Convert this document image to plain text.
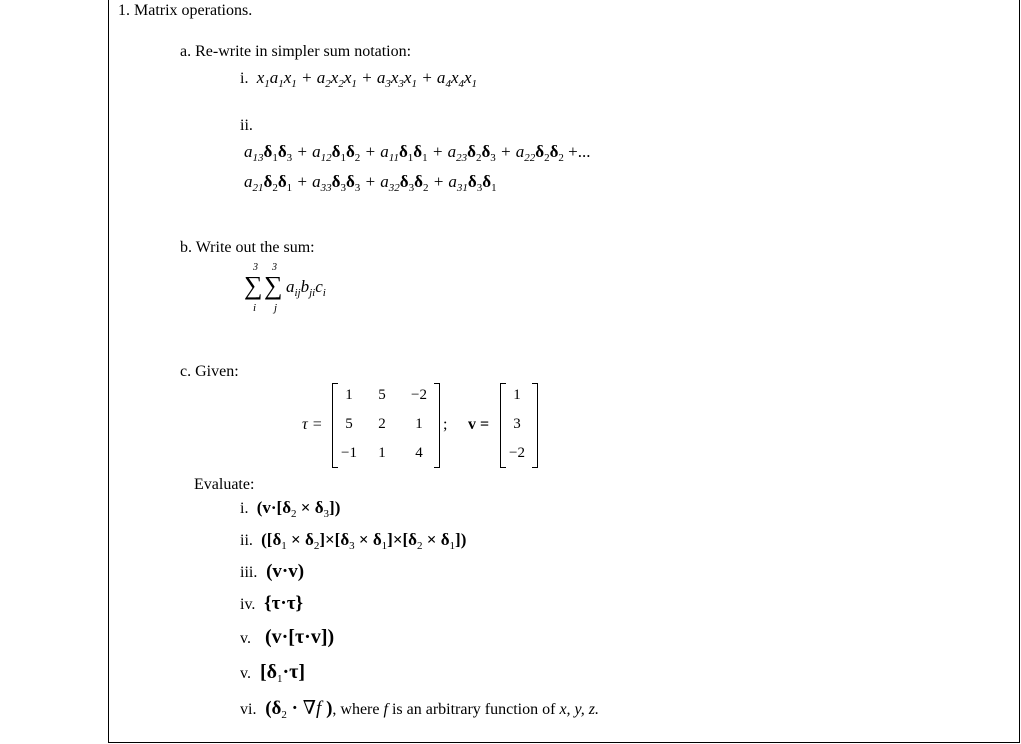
1. Matrix operations.
a. Re-write in simpler sum notation:
i.  $x_1a_1x_1 + a_2x_2x_1 + a_3x_3x_1 + a_4x_4x_1$
ii.
$a_{13}\delta_1\delta_3 + a_{12}\delta_1\delta_2 + a_{11}\delta_1\delta_1 + a_{23}\delta_2\delta_3 + a_{22}\delta_2\delta_2$ +...
$a_{21}\delta_2\delta_1 + a_{33}\delta_3\delta_3 + a_{32}\delta_3\delta_2 + a_{31}\delta_3\delta_1$
b. Write out the sum:
3 3
∑ ∑ $a_{ij}b_{ji}c_i$
i j
c. Given:
τ =
1	5	−2
5	2	1
−1	1	4
; v =
1
3
−2
Evaluate:
i.  $(v\cdot[\delta_2 \times \delta_3])$
ii.  $([\delta_1 \times \delta_2]\times[\delta_3 \times \delta_1]\times[\delta_2 \times \delta_1])$
iii.  (v·v)
iv.  {τ·τ}
v.   (v·[τ·v])
v.  $[\delta_1\cdot\tau]$
vi.  ($\delta_2 \cdot \nabla f$ ), where f is an arbitrary function of x, y, z.
